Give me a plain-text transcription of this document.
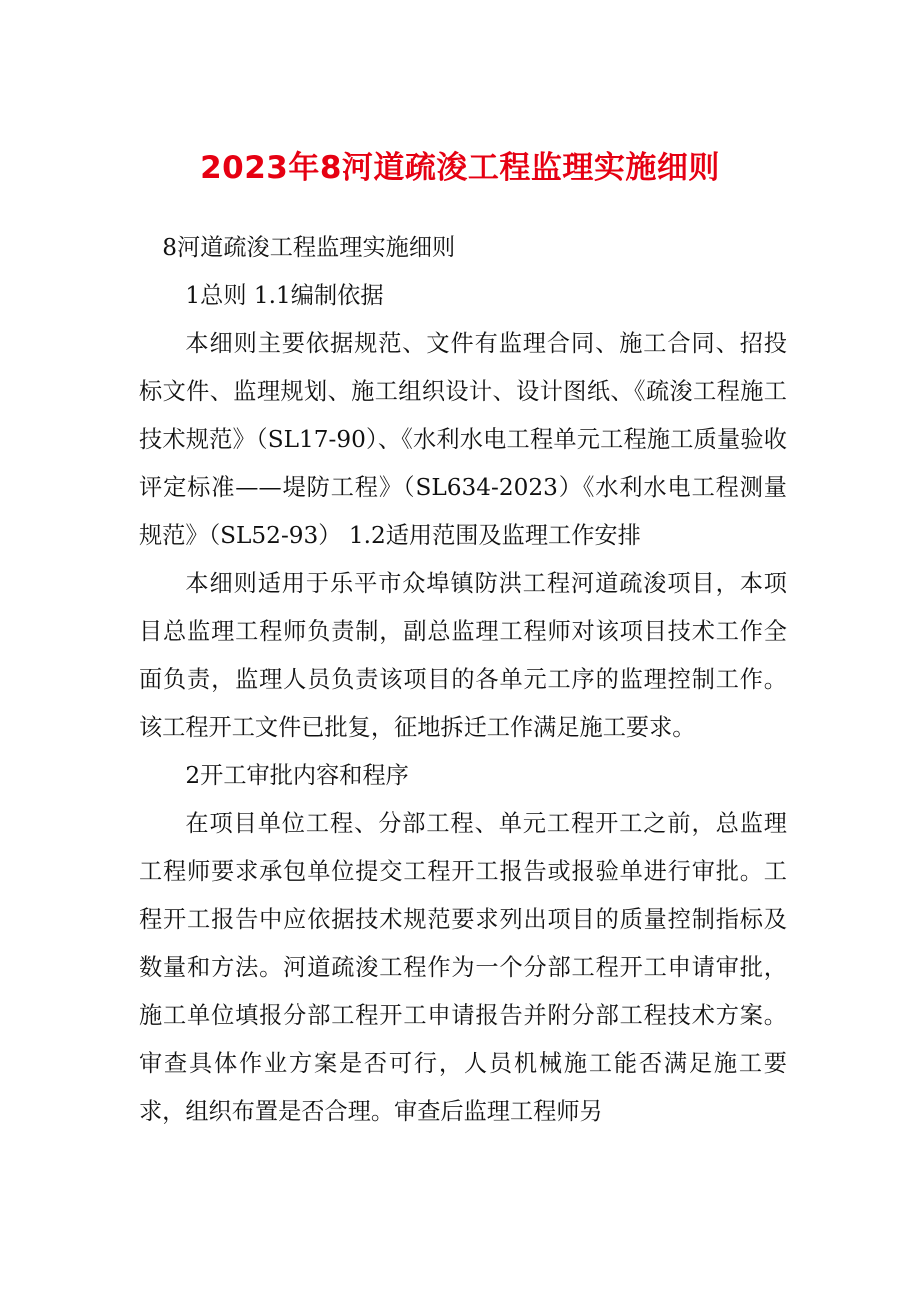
2023年8河道疏浚工程监理实施细则

8河道疏浚工程监理实施细则

1总则 1.1编制依据

本细则主要依据规范、文件有监理合同、施工合同、招投标文件、监理规划、施工组织设计、设计图纸、《疏浚工程施工技术规范》（SL17-90）、《水利水电工程单元工程施工质量验收评定标准——堤防工程》（SL634-2023）《水利水电工程测量规范》（SL52-93） 1.2适用范围及监理工作安排

本细则适用于乐平市众埠镇防洪工程河道疏浚项目，本项目总监理工程师负责制，副总监理工程师对该项目技术工作全面负责，监理人员负责该项目的各单元工序的监理控制工作。该工程开工文件已批复，征地拆迁工作满足施工要求。

2开工审批内容和程序

在项目单位工程、分部工程、单元工程开工之前，总监理工程师要求承包单位提交工程开工报告或报验单进行审批。工程开工报告中应依据技术规范要求列出项目的质量控制指标及数量和方法。河道疏浚工程作为一个分部工程开工申请审批，施工单位填报分部工程开工申请报告并附分部工程技术方案。审查具体作业方案是否可行，人员机械施工能否满足施工要求，组织布置是否合理。审查后监理工程师另
